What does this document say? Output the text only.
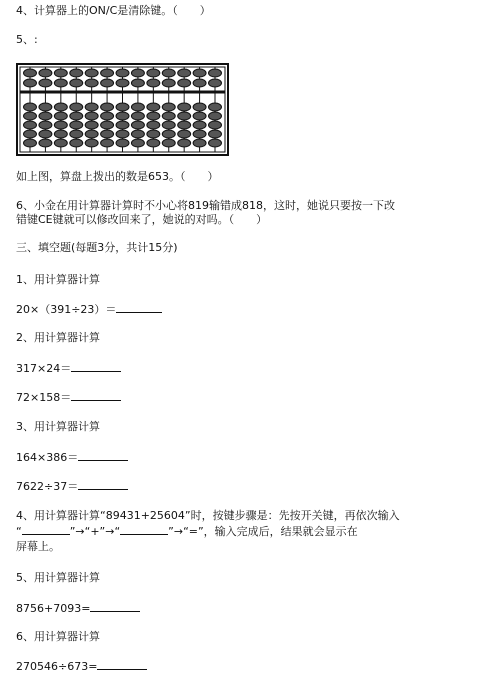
4、计算器上的ON/C是清除键。（　　）
5、:
如上图，算盘上拨出的数是653。（　　）
6、小金在用计算器计算时不小心将819输错成818，这时，她说只要按一下改
错键CE键就可以修改回来了，她说的对吗。（　　）
三、填空题(每题3分，共计15分)
1、用计算器计算
20×（391÷23）＝
2、用计算器计算
317×24＝
72×158＝
3、用计算器计算
164×386＝
7622÷37＝
4、用计算器计算“89431+25604”时，按键步骤是：先按开关键，再依次输入
“	”→“+”→“	”→“=”，输入完成后，结果就会显示在
屏幕上。
5、用计算器计算
8756+7093=
6、用计算器计算
270546÷673=
